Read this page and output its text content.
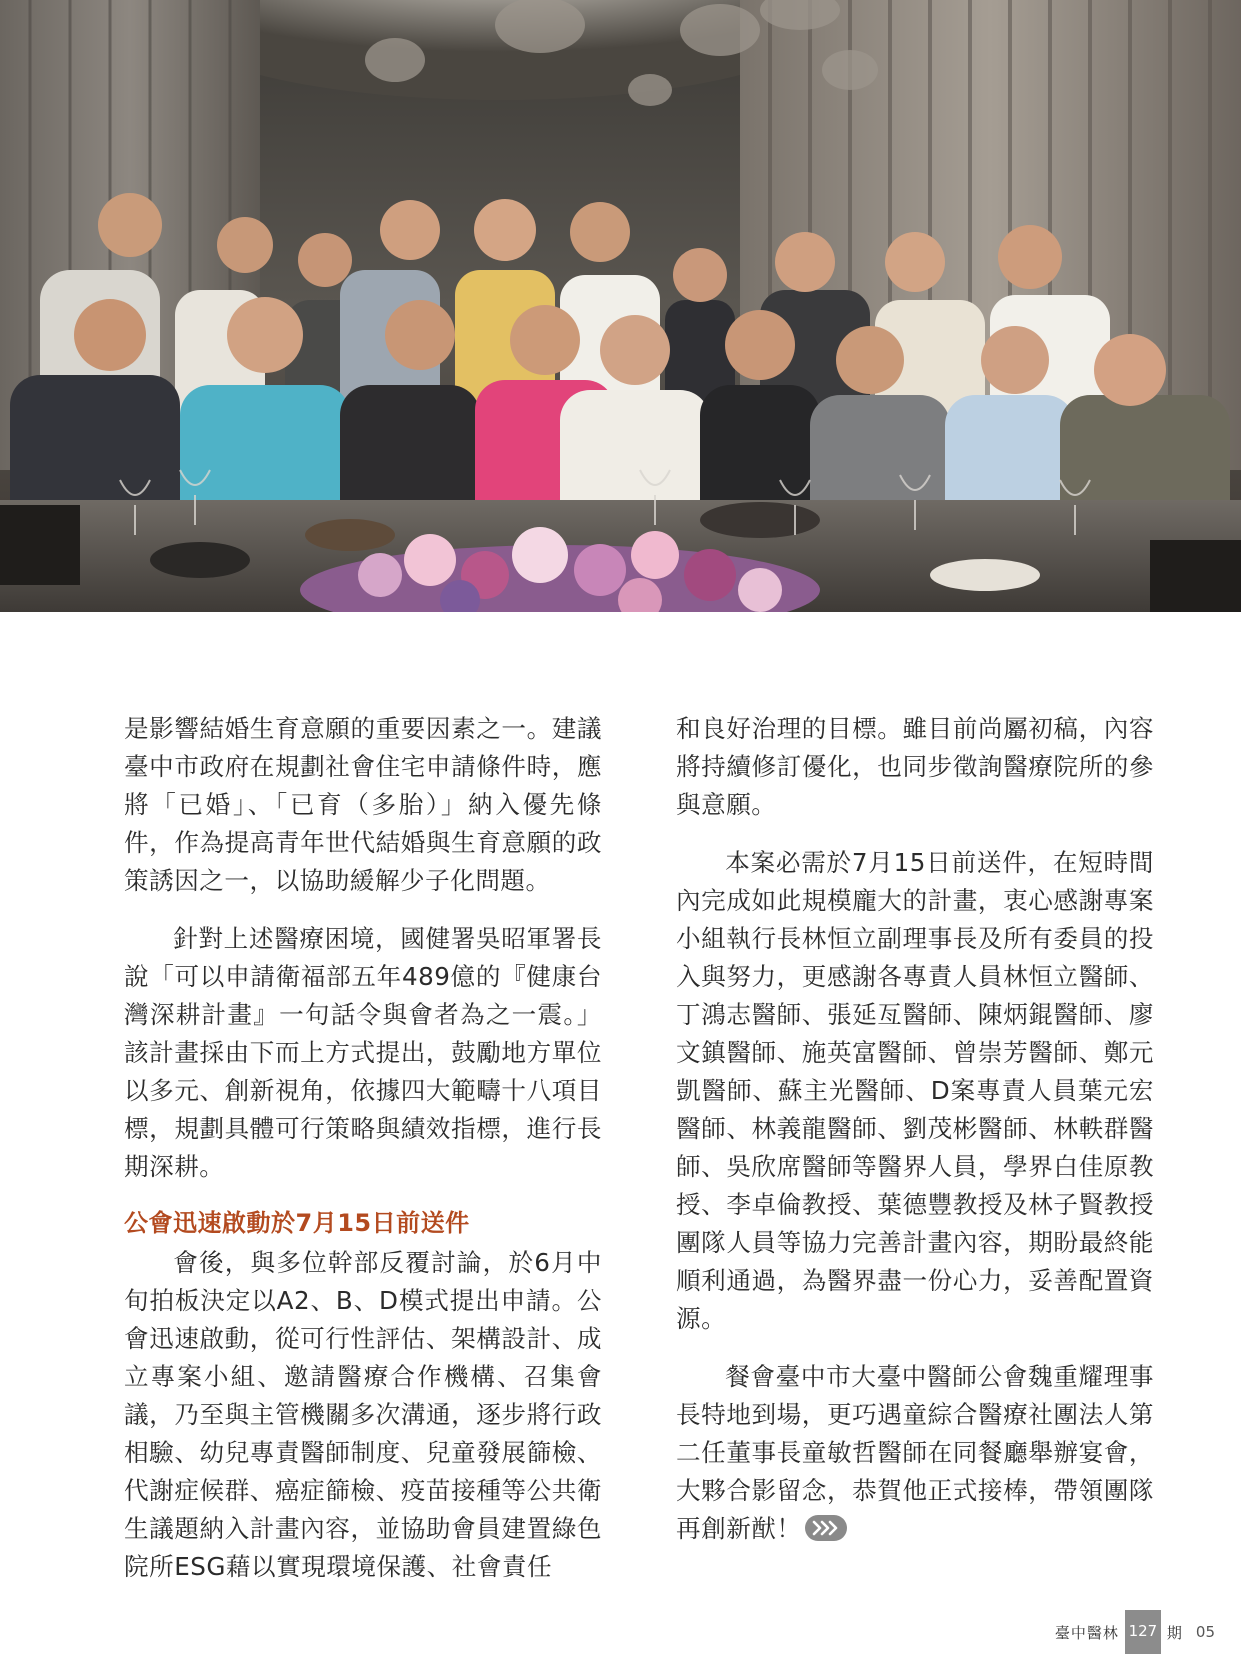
是影響結婚生育意願的重要因素之一。建議臺中市政府在規劃社會住宅申請條件時，應將「已婚」、「已育（多胎）」納入優先條件，作為提高青年世代結婚與生育意願的政策誘因之一，以協助緩解少子化問題。

針對上述醫療困境，國健署吳昭軍署長說「可以申請衛福部五年489億的『健康台灣深耕計畫』一句話令與會者為之一震。」該計畫採由下而上方式提出，鼓勵地方單位以多元、創新視角，依據四大範疇十八項目標，規劃具體可行策略與績效指標，進行長期深耕。

公會迅速啟動於7月15日前送件

會後，與多位幹部反覆討論，於6月中旬拍板決定以A2、B、D模式提出申請。公會迅速啟動，從可行性評估、架構設計、成立專案小組、邀請醫療合作機構、召集會議，乃至與主管機關多次溝通，逐步將行政相驗、幼兒專責醫師制度、兒童發展篩檢、代謝症候群、癌症篩檢、疫苗接種等公共衛生議題納入計畫內容，並協助會員建置綠色院所ESG藉以實現環境保護、社會責任

和良好治理的目標。雖目前尚屬初稿，內容將持續修訂優化，也同步徵詢醫療院所的參與意願。

本案必需於7月15日前送件，在短時間內完成如此規模龐大的計畫，衷心感謝專案小組執行長林恒立副理事長及所有委員的投入與努力，更感謝各專責人員林恒立醫師、丁鴻志醫師、張延亙醫師、陳炳錕醫師、廖文鎮醫師、施英富醫師、曾崇芳醫師、鄭元凱醫師、蘇主光醫師、D案專責人員葉元宏醫師、林義龍醫師、劉茂彬醫師、林軼群醫師、吳欣席醫師等醫界人員，學界白佳原教授、李卓倫教授、葉德豐教授及林子賢教授團隊人員等協力完善計畫內容，期盼最終能順利通過，為醫界盡一份心力，妥善配置資源。

餐會臺中市大臺中醫師公會魏重耀理事長特地到場，更巧遇童綜合醫療社團法人第二任董事長童敏哲醫師在同餐廳舉辦宴會，大夥合影留念，恭賀他正式接棒，帶領團隊再創新猷！

臺中醫林 127 期 05
